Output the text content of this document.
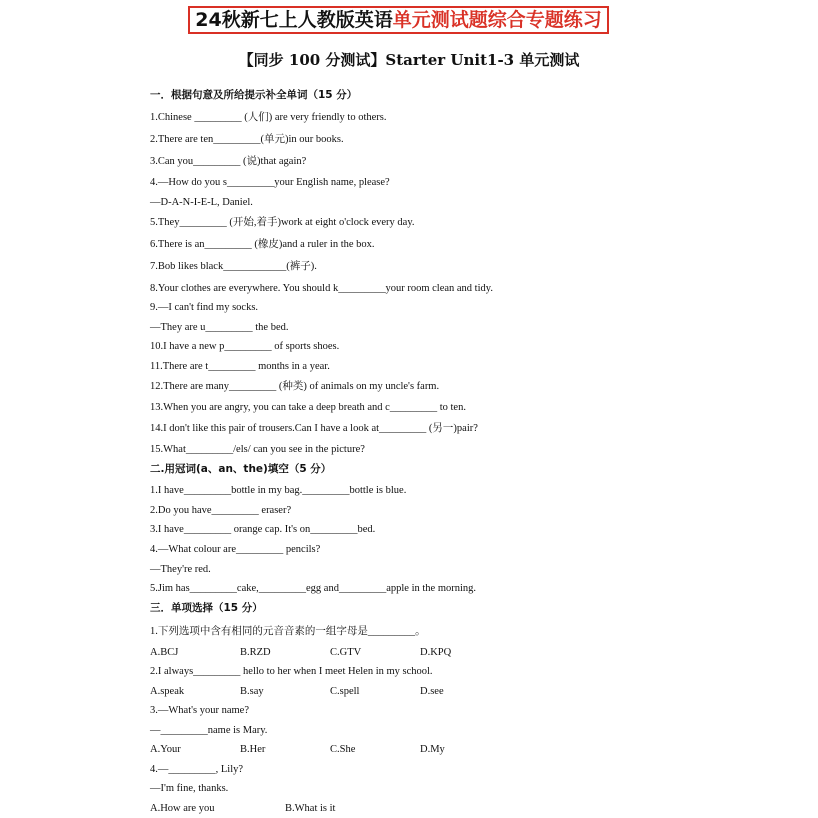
24秋新七上人教版英语单元测试题综合专题练习
【同步 100 分测试】Starter Unit1-3 单元测试
一．根据句意及所给提示补全单词（15 分）
1.Chinese _________ (人们) are very friendly to others.
2.There are ten_________(单元)in our books.
3.Can you_________ (说)that again?
4.—How do you s_________your English name, please?
—D-A-N-I-E-L, Daniel.
5.They_________ (开始,着手)work at eight o'clock every day.
6.There is an_________ (橡皮)and a ruler in the box.
7.Bob likes black____________(裤子).
8.Your clothes are everywhere. You should k_________your room clean and tidy.
9.—I can't find my socks.
—They are u_________ the bed.
10.I have a new p_________ of sports shoes.
11.There are t_________ months in a year.
12.There are many_________ (种类) of animals on my uncle's farm.
13.When you are angry, you can take a deep breath and c_________ to ten.
14.I don't like this pair of trousers.Can I have a look at_________ (另一)pair?
15.What_________/els/ can you see in the picture?
二.用冠词(a、an、the)填空（5 分）
1.I have_________bottle in my bag._________bottle is blue.
2.Do you have_________ eraser?
3.I have_________ orange cap. It's on_________bed.
4.—What colour are_________ pencils?
—They're red.
5.Jim has_________cake,_________egg and_________apple in the morning.
三．单项选择（15 分）
1.下列选项中含有相同的元音音素的一组字母是_________。
A.BCJ	B.RZD	C.GTV	D.KPQ
2.I always_________ hello to her when I meet Helen in my school.
A.speak	B.say	C.spell	D.see
3.—What's your name?
—_________name is Mary.
A.Your	B.Her	C.She	D.My
4.—_________, Lily?
—I'm fine, thanks.
A.How are you	B.What is it
